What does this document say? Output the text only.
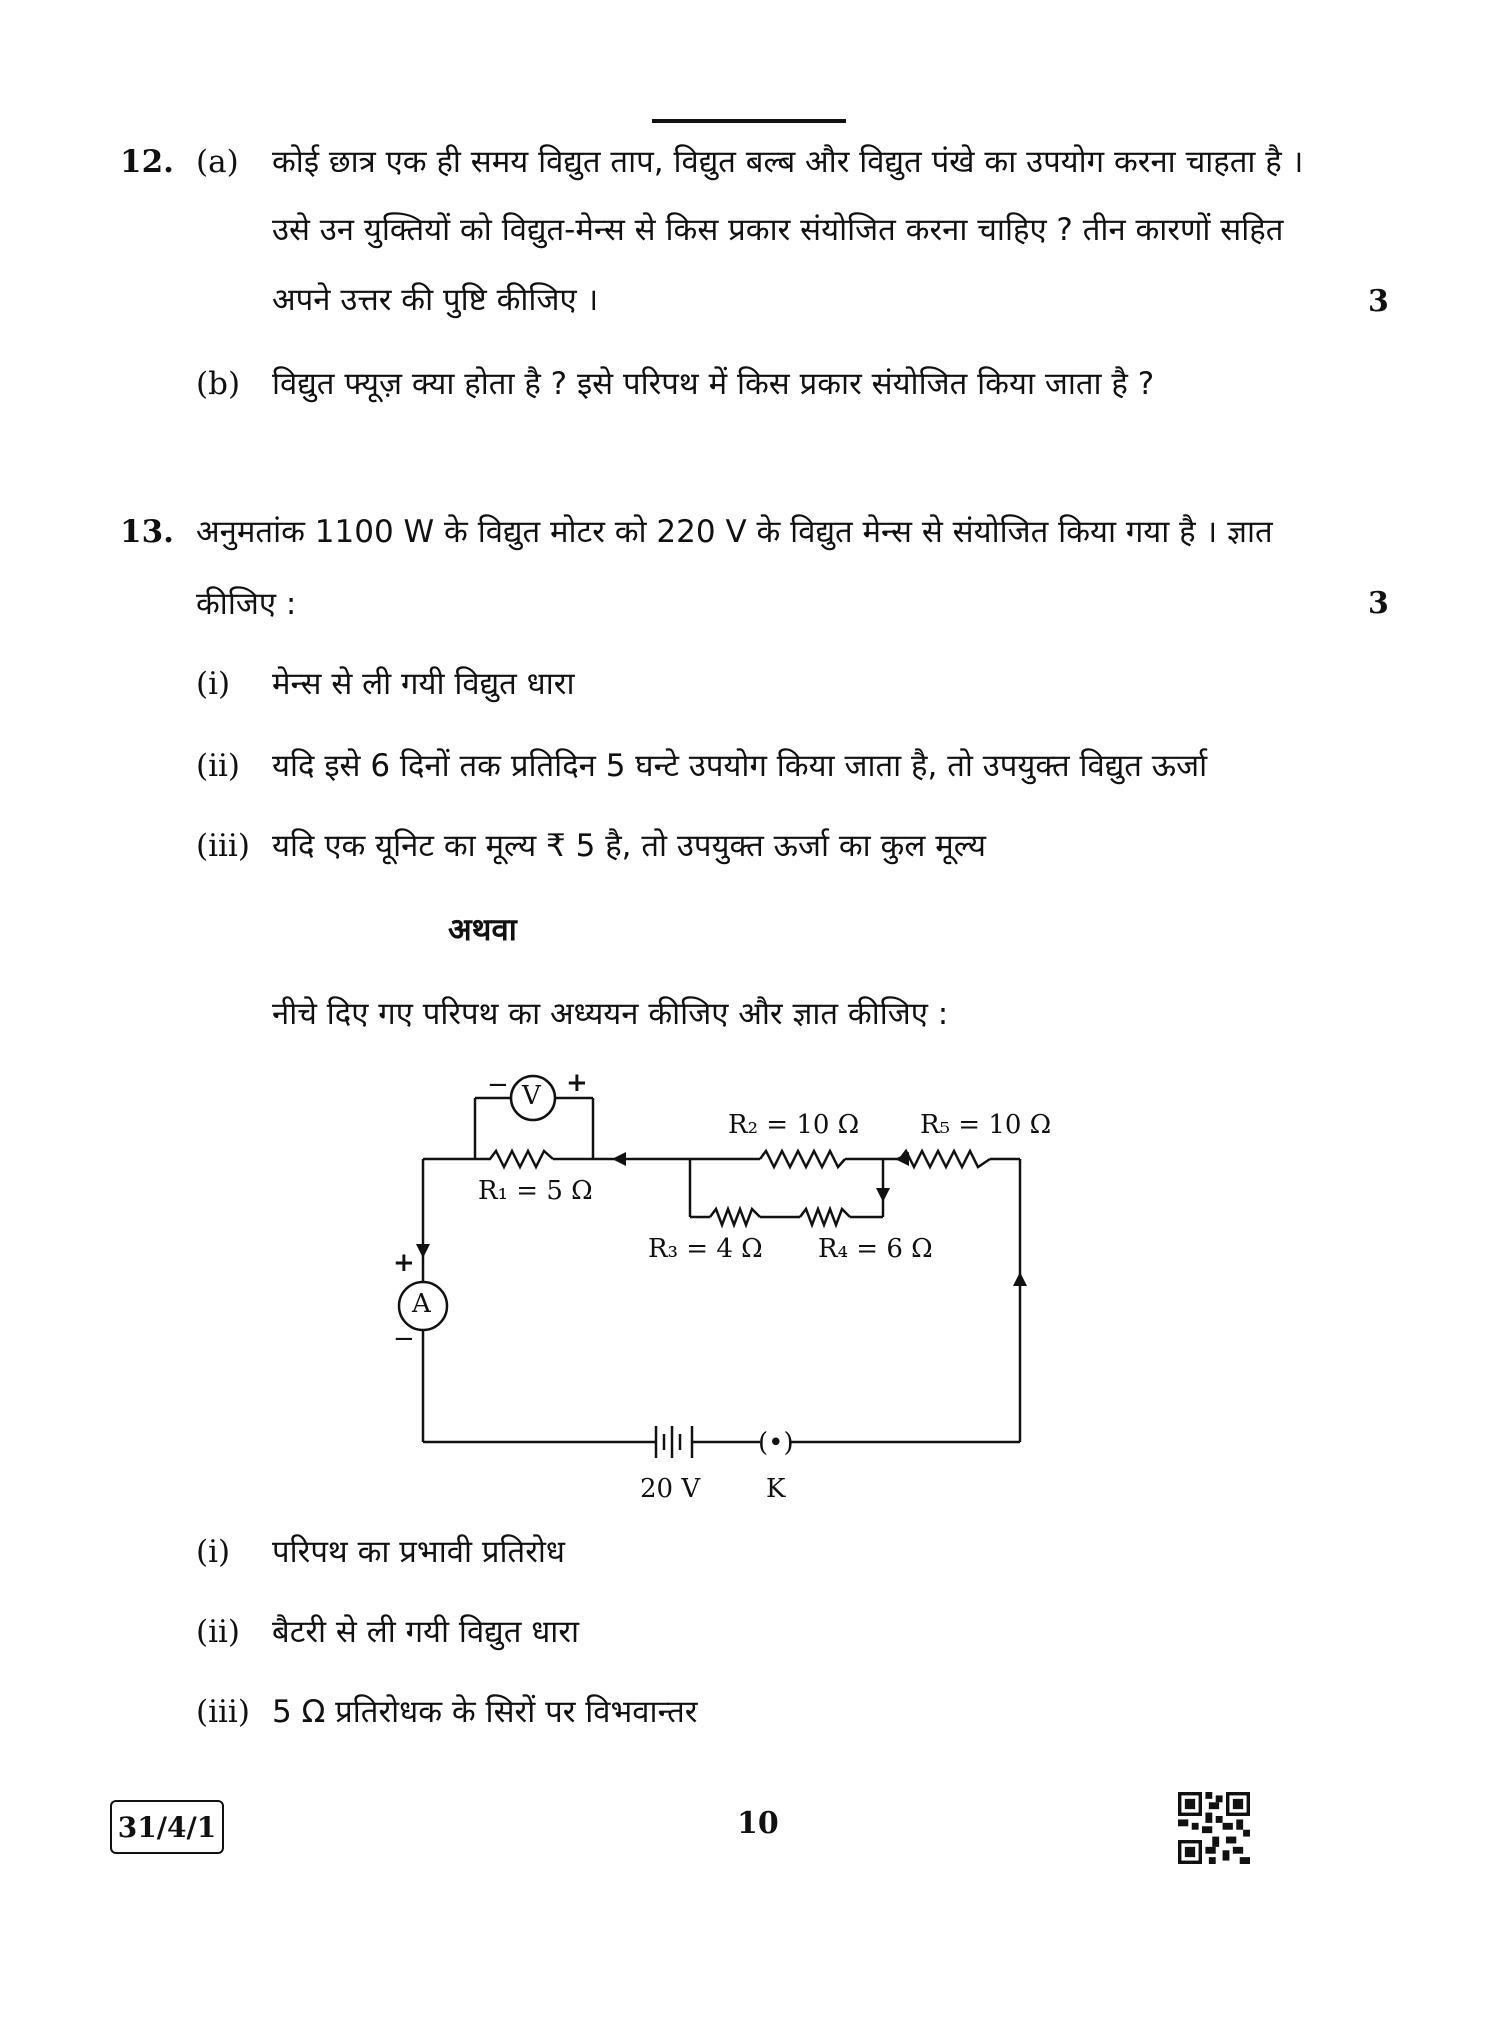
12. (a) कोई छात्र एक ही समय विद्युत ताप, विद्युत बल्ब और विद्युत पंखे का उपयोग करना चाहता है ।
उसे उन युक्तियों को विद्युत-मेन्स से किस प्रकार संयोजित करना चाहिए ? तीन कारणों सहित
अपने उत्तर की पुष्टि कीजिए ।	3
(b) विद्युत फ्यूज़ क्या होता है ? इसे परिपथ में किस प्रकार संयोजित किया जाता है ?
13. अनुमतांक 1100 W के विद्युत मोटर को 220 V के विद्युत मेन्स से संयोजित किया गया है । ज्ञात
कीजिए :	3
(i) मेन्स से ली गयी विद्युत धारा
(ii) यदि इसे 6 दिनों तक प्रतिदिन 5 घन्टे उपयोग किया जाता है, तो उपयुक्त विद्युत ऊर्जा
(iii) यदि एक यूनिट का मूल्य ₹ 5 है, तो उपयुक्त ऊर्जा का कुल मूल्य
अथवा
नीचे दिए गए परिपथ का अध्ययन कीजिए और ज्ञात कीजिए :
V
− +
A
+
−
R₁ = 5 Ω
R₂ = 10 Ω
R₃ = 4 Ω R₄ = 6 Ω
R₅ = 10 Ω
(•)
20 V	K
(i) परिपथ का प्रभावी प्रतिरोध
(ii) बैटरी से ली गयी विद्युत धारा
(iii) 5 Ω प्रतिरोधक के सिरों पर विभवान्तर
31/4/1	10
